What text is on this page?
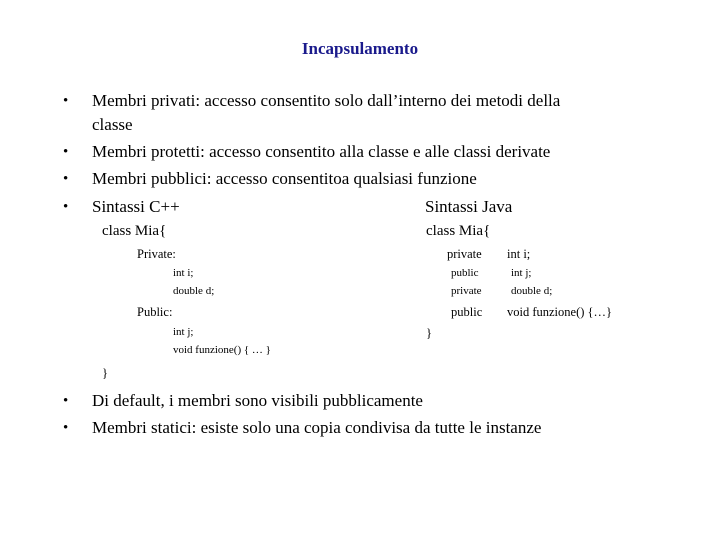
Incapsulamento
• Membri privati: accesso consentito solo dall’interno dei metodi della
classe
• Membri protetti: accesso consentito alla classe e alle classi derivate
• Membri pubblici: accesso consentitoa qualsiasi funzione
• Sintassi C++	Sintassi Java
class Mia{
Private:
int i;
double d;
Public:
int j;
void funzione() { … }
}
class Mia{
private int i;
public	int j;
private	double d;
public void funzione() {…}
}
• Di default, i membri sono visibili pubblicamente
• Membri statici: esiste solo una copia condivisa da tutte le instanze
